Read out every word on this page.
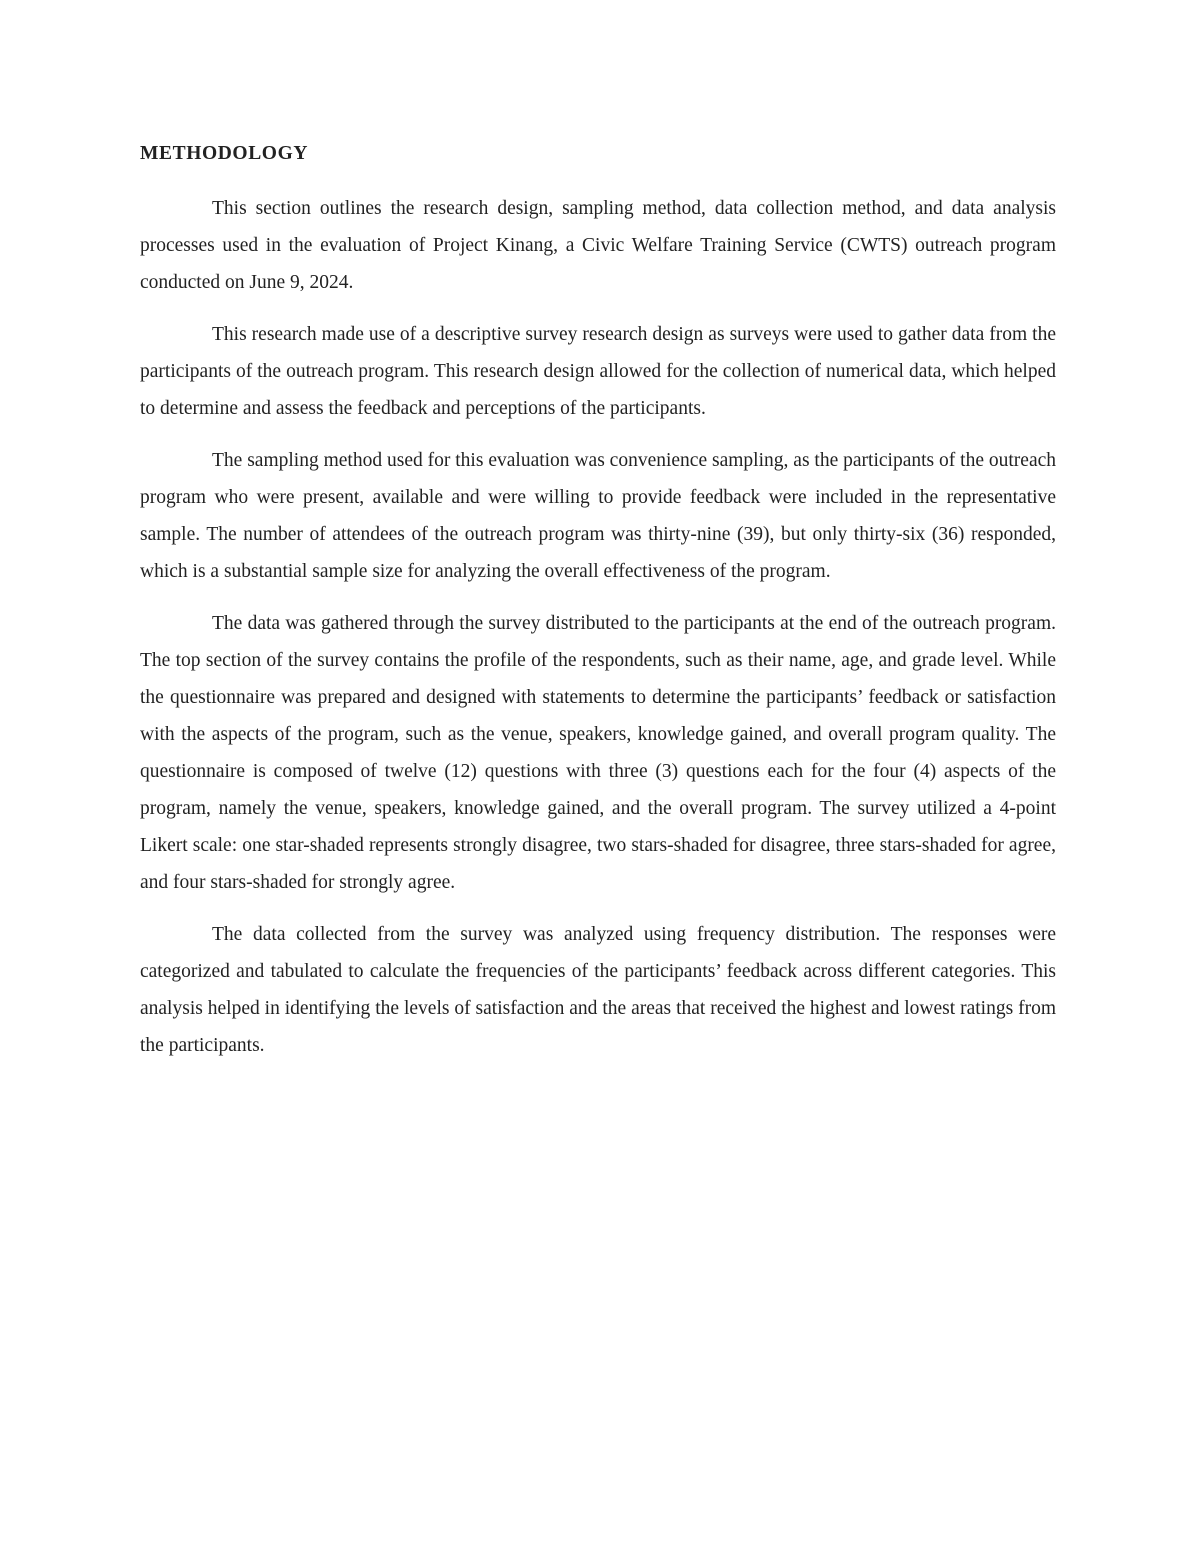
METHODOLOGY

This section outlines the research design, sampling method, data collection method, and data analysis processes used in the evaluation of Project Kinang, a Civic Welfare Training Service (CWTS) outreach program conducted on June 9, 2024.

This research made use of a descriptive survey research design as surveys were used to gather data from the participants of the outreach program. This research design allowed for the collection of numerical data, which helped to determine and assess the feedback and perceptions of the participants.

The sampling method used for this evaluation was convenience sampling, as the participants of the outreach program who were present, available and were willing to provide feedback were included in the representative sample. The number of attendees of the outreach program was thirty-nine (39), but only thirty-six (36) responded, which is a substantial sample size for analyzing the overall effectiveness of the program.

The data was gathered through the survey distributed to the participants at the end of the outreach program. The top section of the survey contains the profile of the respondents, such as their name, age, and grade level. While the questionnaire was prepared and designed with statements to determine the participants’ feedback or satisfaction with the aspects of the program, such as the venue, speakers, knowledge gained, and overall program quality. The questionnaire is composed of twelve (12) questions with three (3) questions each for the four (4) aspects of the program, namely the venue, speakers, knowledge gained, and the overall program. The survey utilized a 4-point Likert scale: one star-shaded represents strongly disagree, two stars-shaded for disagree, three stars-shaded for agree, and four stars-shaded for strongly agree.

The data collected from the survey was analyzed using frequency distribution. The responses were categorized and tabulated to calculate the frequencies of the participants’ feedback across different categories. This analysis helped in identifying the levels of satisfaction and the areas that received the highest and lowest ratings from the participants.
